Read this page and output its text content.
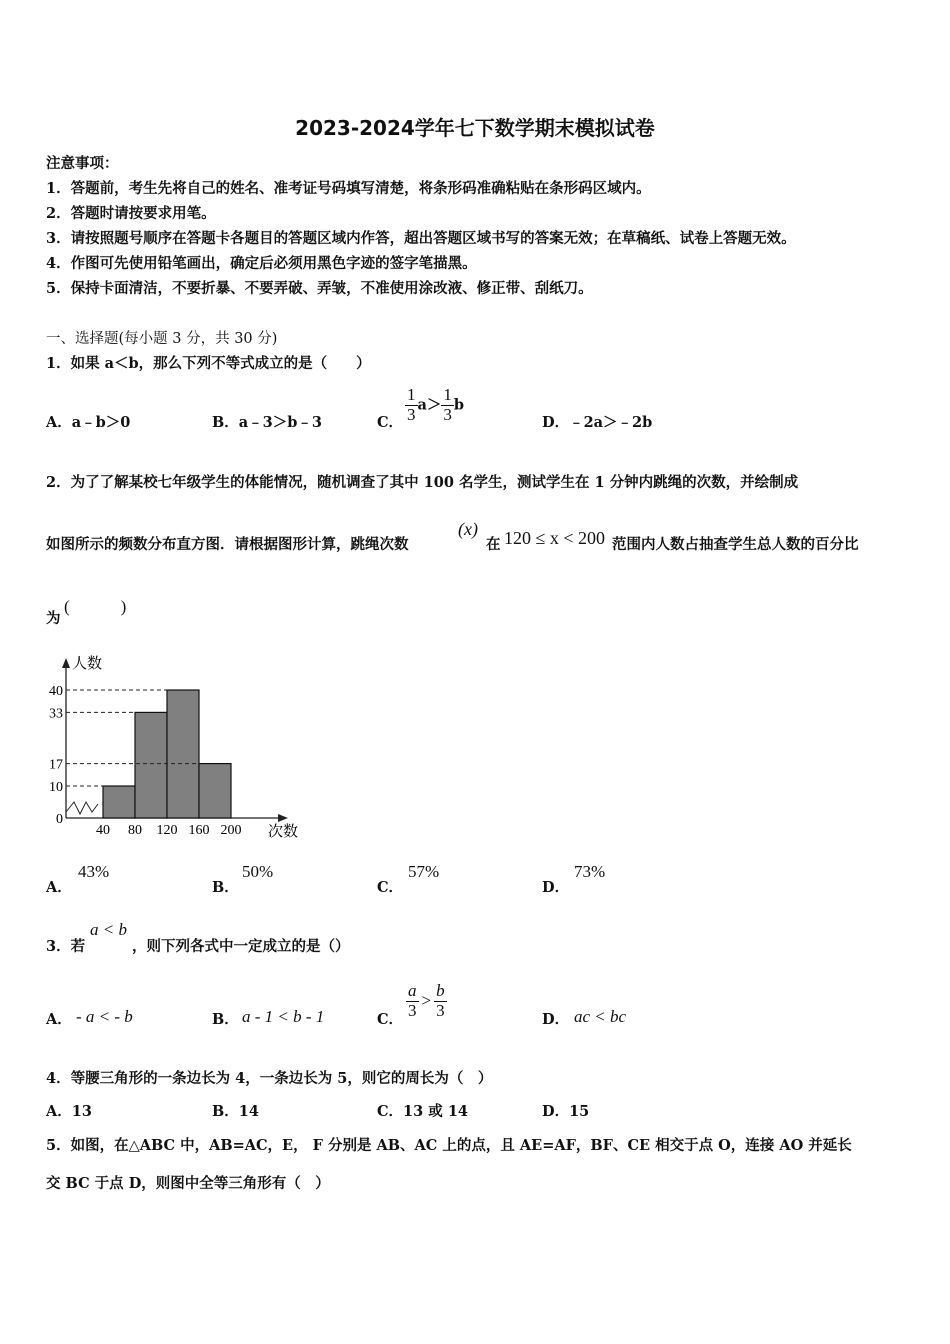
2023-2024学年七下数学期末模拟试卷
注意事项：
1．答题前，考生先将自己的姓名、准考证号码填写清楚，将条形码准确粘贴在条形码区域内。
2．答题时请按要求用笔。
3．请按照题号顺序在答题卡各题目的答题区域内作答，超出答题区域书写的答案无效；在草稿纸、试卷上答题无效。
4．作图可先使用铅笔画出，确定后必须用黑色字迹的签字笔描黑。
5．保持卡面清洁，不要折暴、不要弄破、弄皱，不准使用涂改液、修正带、刮纸刀。
一、选择题(每小题 3 分，共 30 分)
1．如果 a＜b，那么下列不等式成立的是（　　）
A．a﹣b＞0	B．a﹣3＞b﹣3	C． $\frac{1}{3} a> \frac{1}{3}$ b
D．﹣2a＞﹣2b
2．为了了解某校七年级学生的体能情况，随机调查了其中 100 名学生，测试学生在 1 分钟内跳绳的次数，并绘制成
如图所示的频数分布直方图．请根据图形计算，跳绳次数
(x)
在 120 ≤ x < 200 范围内人数占抽查学生总人数的百分比
为
(　　　)
人数
次数
40
33
17
10
0
40 80 120 160 200
A．
43%
B．
50%
C．
57%
D．
73%
3．若
a < b
，则下列各式中一定成立的是（）
A． - a < - b	B． a - 1 < b - 1	C． $\frac{a}{3} > \frac{b}{3}$	D． ac < bc
4．等腰三角形的一条边长为 4，一条边长为 5，则它的周长为（　）
A．13	B．14	C．13 或 14	D．15
5．如图，在△ABC 中，AB=AC，E， F 分别是 AB、AC 上的点，且 AE=AF，BF、CE 相交于点 O，连接 AO 并延长
交 BC 于点 D，则图中全等三角形有（　）
